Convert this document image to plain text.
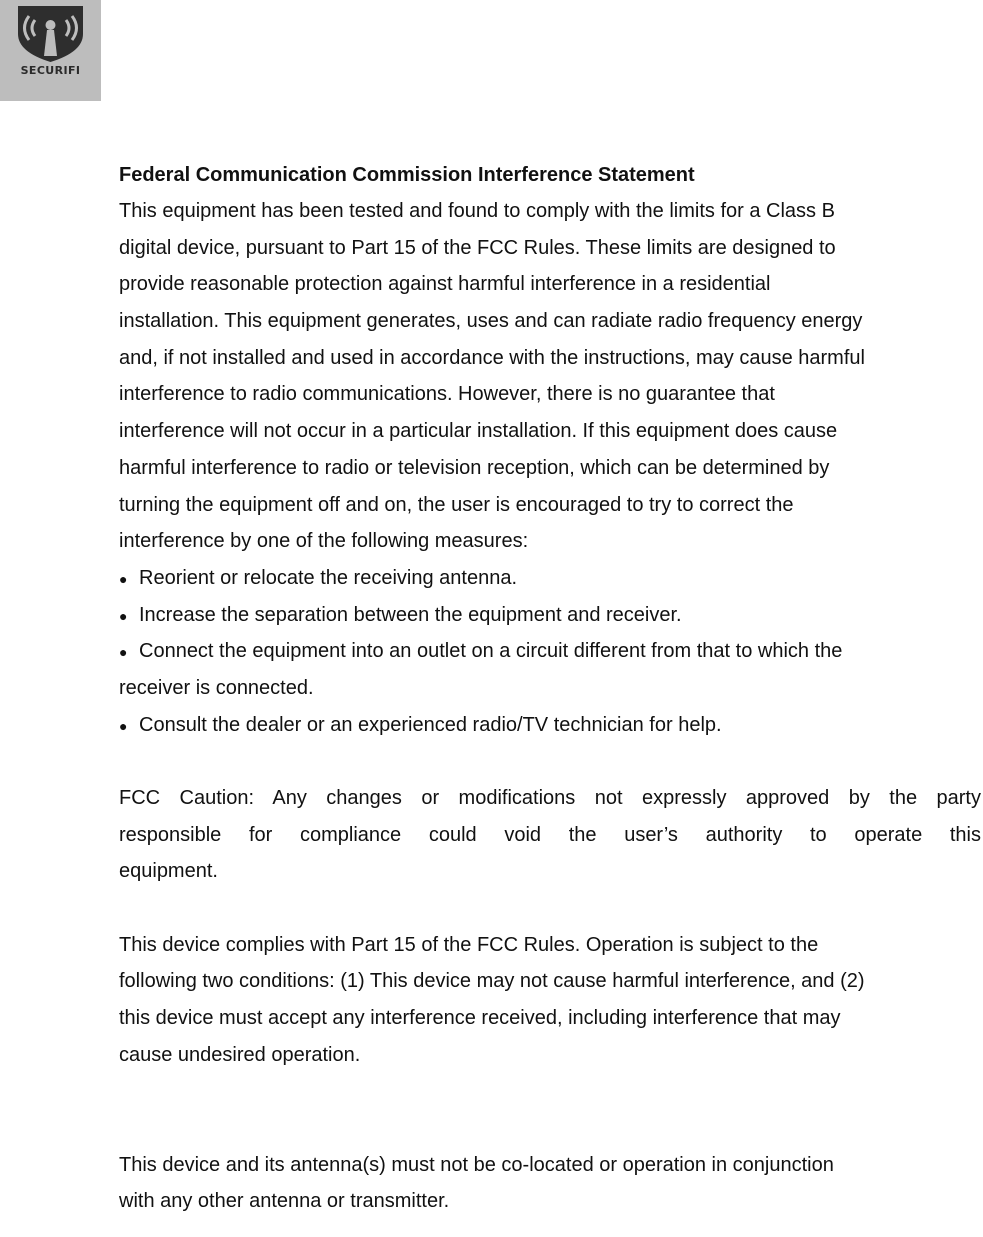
SECURIFI
Federal Communication Commission Interference Statement
This equipment has been tested and found to comply with the limits for a Class B
digital device, pursuant to Part 15 of the FCC Rules. These limits are designed to
provide reasonable protection against harmful interference in a residential
installation. This equipment generates, uses and can radiate radio frequency energy
and, if not installed and used in accordance with the instructions, may cause harmful
interference to radio communications. However, there is no guarantee that
interference will not occur in a particular installation. If this equipment does cause
harmful interference to radio or television reception, which can be determined by
turning the equipment off and on, the user is encouraged to try to correct the
interference by one of the following measures:
● Reorient or relocate the receiving antenna.
● Increase the separation between the equipment and receiver.
● Connect the equipment into an outlet on a circuit different from that to which the
receiver is connected.
● Consult the dealer or an experienced radio/TV technician for help.
FCC Caution: Any changes or modifications not expressly approved by the party
responsible for compliance could void the user’s authority to operate this
equipment.
This device complies with Part 15 of the FCC Rules. Operation is subject to the
following two conditions: (1) This device may not cause harmful interference, and (2)
this device must accept any interference received, including interference that may
cause undesired operation.
This device and its antenna(s) must not be co-located or operation in conjunction
with any other antenna or transmitter.
